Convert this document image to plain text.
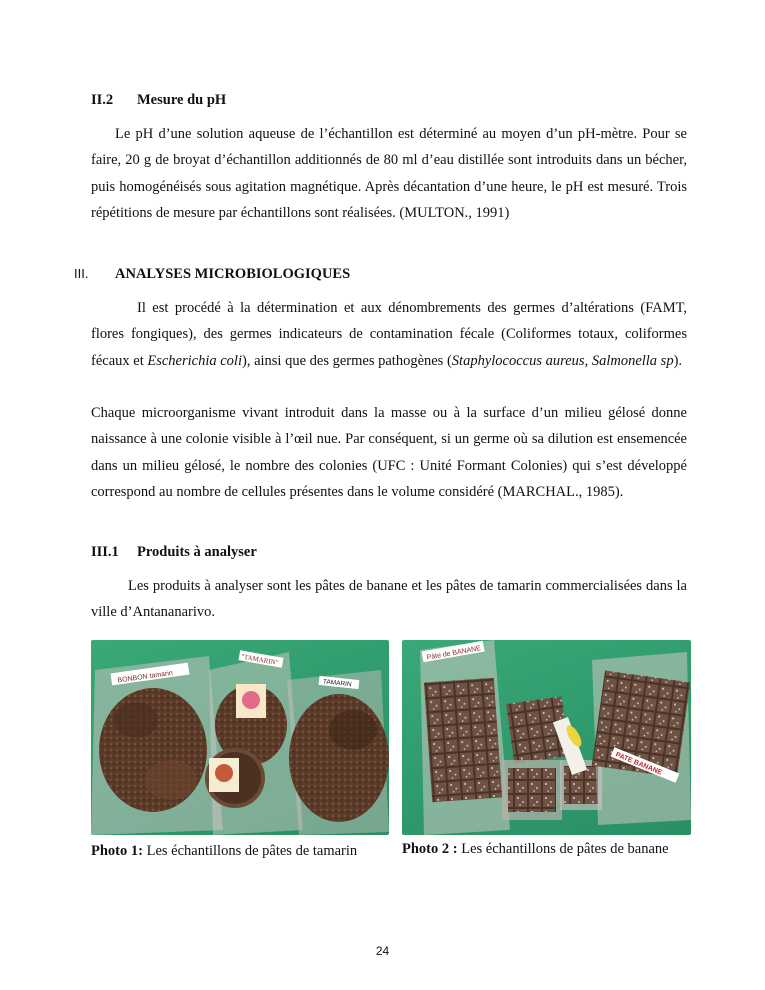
II.2 Mesure du pH

Le pH d’une solution aqueuse de l’échantillon est déterminé au moyen d’un pH-mètre. Pour se faire, 20 g de broyat d’échantillon additionnés de 80 ml d’eau distillée sont introduits dans un bécher, puis homogénéisés sous agitation magnétique. Après décantation d’une heure, le pH est mesuré. Trois répétitions de mesure par échantillons sont réalisées. (MULTON., 1991)

III. ANALYSES MICROBIOLOGIQUES

Il est procédé à la détermination et aux dénombrements des germes d’altérations (FAMT, flores fongiques), des germes indicateurs de contamination fécale (Coliformes totaux, coliformes fécaux et Escherichia coli), ainsi que des germes pathogènes (Staphylococcus aureus, Salmonella sp).

Chaque microorganisme vivant introduit dans la masse ou à la surface d’un milieu gélosé donne naissance à une colonie visible à l’œil nue. Par conséquent, si un germe où sa dilution est ensemencée dans un milieu gélosé, le nombre des colonies (UFC : Unité Formant Colonies) qui s’est développé correspond au nombre de cellules présentes dans le volume considéré (MARCHAL., 1985).

III.1 Produits à analyser

Les produits à analyser sont les pâtes de banane et les pâtes de tamarin commercialisées dans la ville d’Antananarivo.

BONBON tamarin
"TAMARIN"
TAMARIN
Pâte de BANANE
PATE BANANE
Photo 1: Les échantillons de pâtes de tamarin	Photo 2 : Les échantillons de pâtes de banane
24
